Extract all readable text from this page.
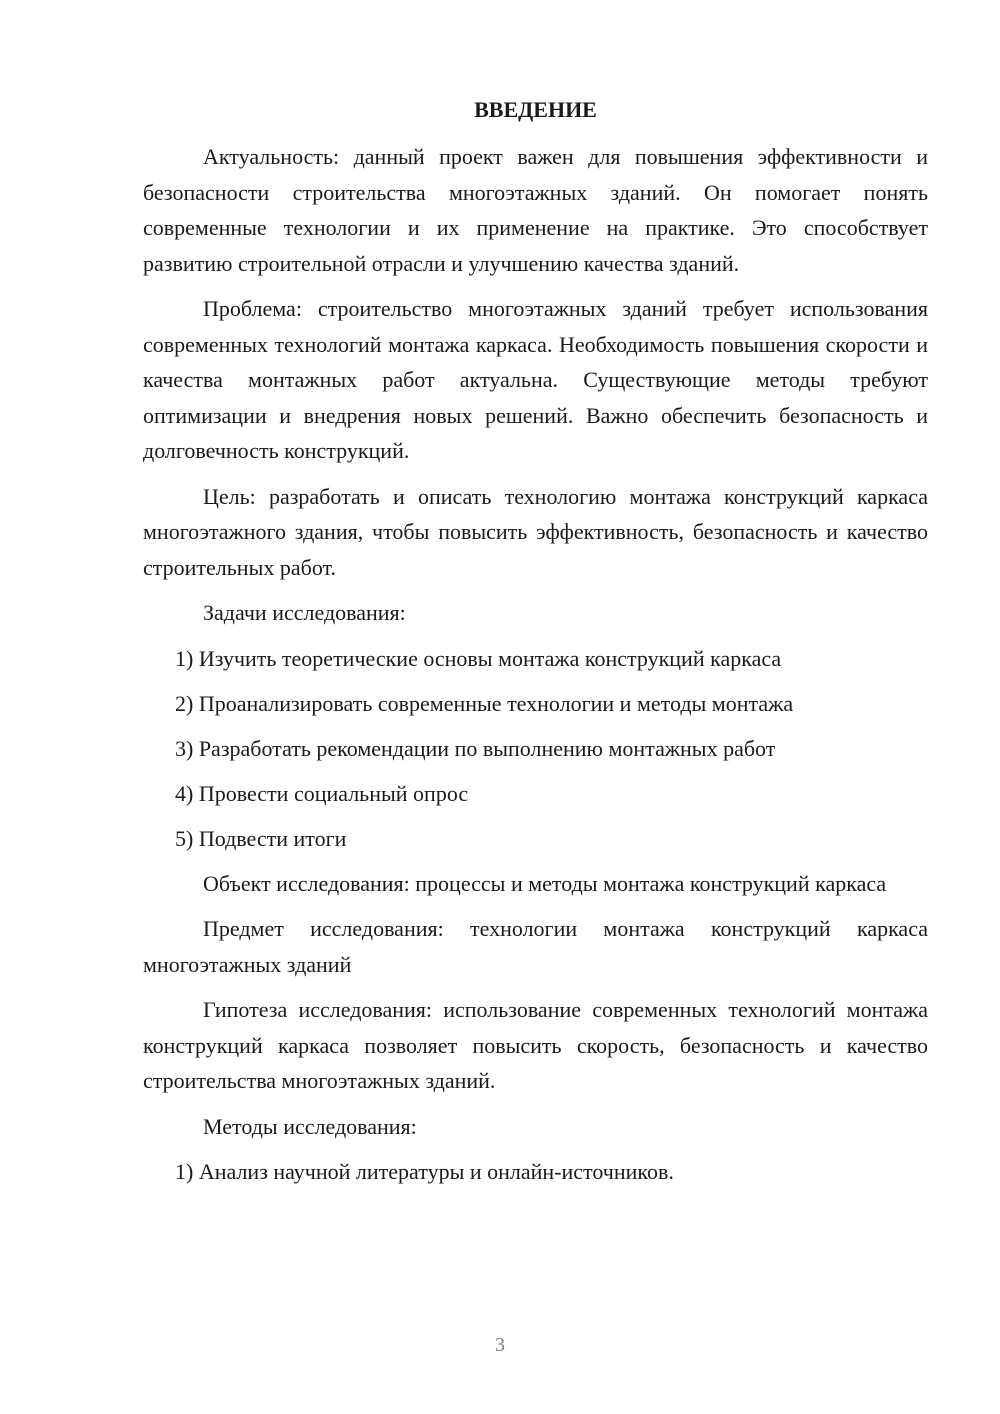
ВВЕДЕНИЕ

Актуальность: данный проект важен для повышения эффективности и безопасности строительства многоэтажных зданий. Он помогает понять современные технологии и их применение на практике. Это способствует развитию строительной отрасли и улучшению качества зданий.

Проблема: строительство многоэтажных зданий требует использования современных технологий монтажа каркаса. Необходимость повышения скорости и качества монтажных работ актуальна. Существующие методы требуют оптимизации и внедрения новых решений. Важно обеспечить безопасность и долговечность конструкций.

Цель: разработать и описать технологию монтажа конструкций каркаса многоэтажного здания, чтобы повысить эффективность, безопасность и качество строительных работ.

Задачи исследования:

1) Изучить теоретические основы монтажа конструкций каркаса
2) Проанализировать современные технологии и методы монтажа
3) Разработать рекомендации по выполнению монтажных работ
4) Провести социальный опрос
5) Подвести итоги

Объект исследования: процессы и методы монтажа конструкций каркаса

Предмет исследования: технологии монтажа конструкций каркаса многоэтажных зданий

Гипотеза исследования: использование современных технологий монтажа конструкций каркаса позволяет повысить скорость, безопасность и качество строительства многоэтажных зданий.

Методы исследования:

1) Анализ научной литературы и онлайн-источников.
3
